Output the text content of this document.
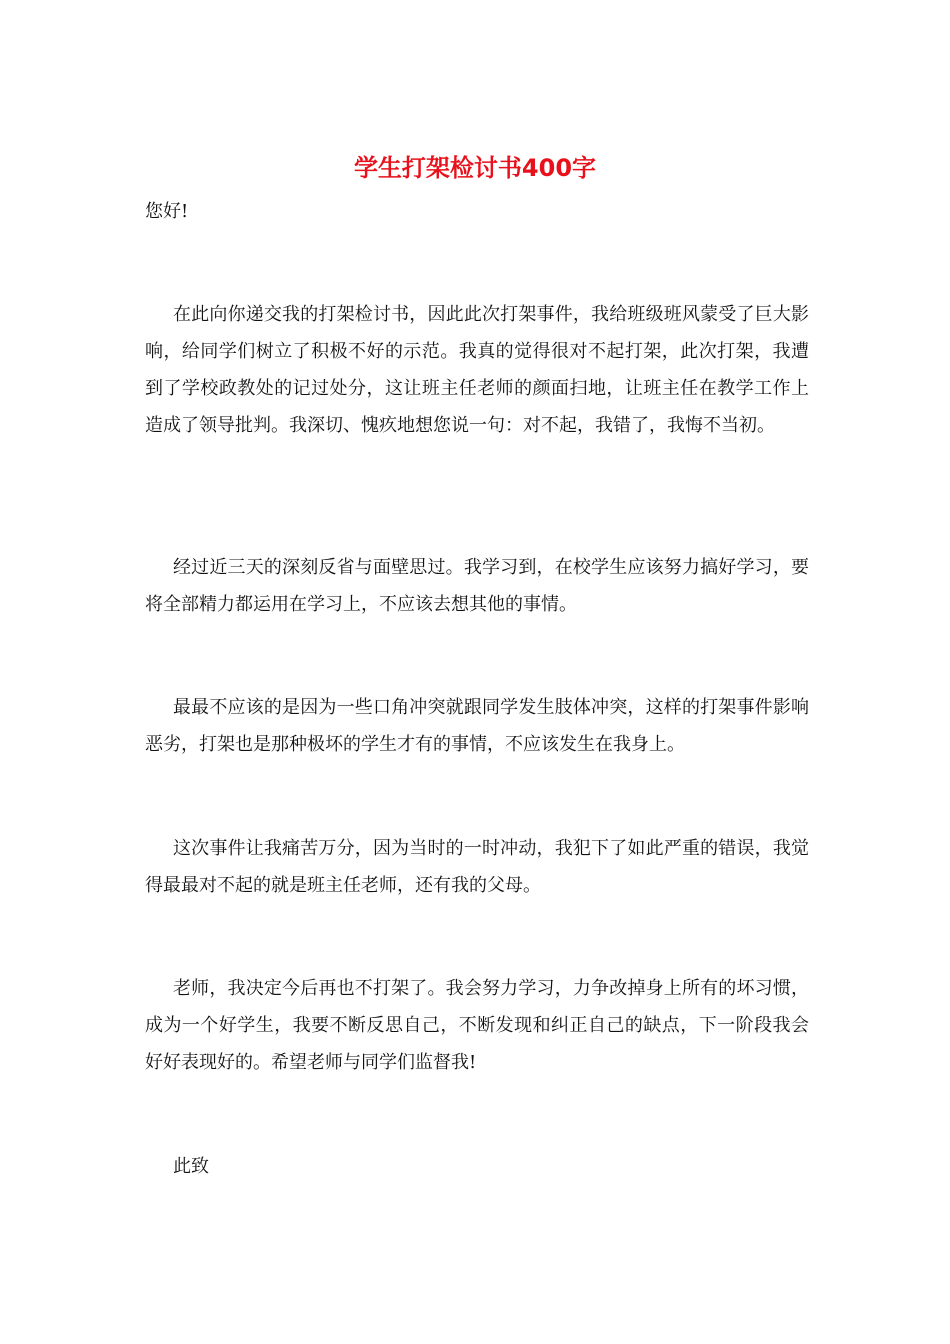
学生打架检讨书400字

您好!

在此向你递交我的打架检讨书，因此此次打架事件，我给班级班风蒙受了巨大影响，给同学们树立了积极不好的示范。我真的觉得很对不起打架，此次打架，我遭到了学校政教处的记过处分，这让班主任老师的颜面扫地，让班主任在教学工作上造成了领导批判。我深切、愧疚地想您说一句：对不起，我错了，我悔不当初。

经过近三天的深刻反省与面壁思过。我学习到，在校学生应该努力搞好学习，要将全部精力都运用在学习上，不应该去想其他的事情。

最最不应该的是因为一些口角冲突就跟同学发生肢体冲突，这样的打架事件影响恶劣，打架也是那种极坏的学生才有的事情，不应该发生在我身上。

这次事件让我痛苦万分，因为当时的一时冲动，我犯下了如此严重的错误，我觉得最最对不起的就是班主任老师，还有我的父母。

老师，我决定今后再也不打架了。我会努力学习，力争改掉身上所有的坏习惯，成为一个好学生，我要不断反思自己，不断发现和纠正自己的缺点，下一阶段我会好好表现好的。希望老师与同学们监督我!

此致
